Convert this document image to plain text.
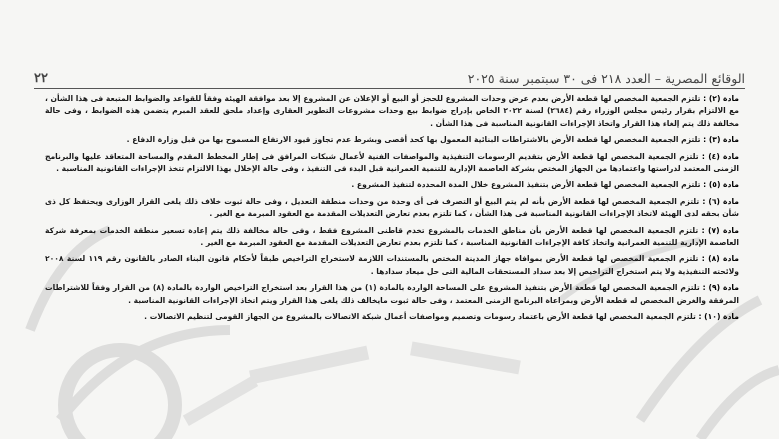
الوقائع المصرية – العدد ٢١٨ فى ٣٠ سبتمبر سنة ٢٠٢٥
٢٢

مادة (٢) : تلتزم الجمعية المخصص لها قطعة الأرض بعدم عرض وحدات المشروع للحجز أو البيع أو الإعلان عن المشروع إلا بعد موافقة الهيئة وفقاً للقواعد والضوابط المتبعة فى هذا الشأن ، مع الالتزام بقرار رئيس مجلس الوزراء رقم (٢٦٨٤) لسنة ٢٠٢٢ الخاص بإدراج ضوابط بيع وحدات مشروعات التطوير العقارى وإعداد ملحق للعقد المبرم يتضمن هذه الضوابط ، وفى حالة مخالفة ذلك يتم إلغاء هذا القرار واتخاذ الإجراءات القانونية المناسبة فى هذا الشأن .

مادة (٣) : تلتزم الجمعية المخصص لها قطعة الأرض بالاشتراطات البنائية المعمول بها كحد أقصى وبشرط عدم تجاوز قيود الارتفاع المسموح بها من قبل وزارة الدفاع .

مادة (٤) : تلتزم الجمعية المخصص لها قطعة الأرض بتقديم الرسومات التنفيذية والمواصفات الفنية لأعمال شبكات المرافق فى إطار المخطط المقدم والمساحة المتعاقد عليها والبرنامج الزمنى المعتمد لدراستها واعتمادها من الجهاز المختص بشركة العاصمة الإدارية للتنمية العمرانية قبل البدء فى التنفيذ ، وفى حالة الإخلال بهذا الالتزام تتخذ الإجراءات القانونية المناسبة .

مادة (٥) : تلتزم الجمعية المخصص لها قطعة الأرض بتنفيذ المشروع خلال المدة المحددة لتنفيذ المشروع .

مادة (٦) : تلتزم الجمعية المخصص لها قطعة الأرض بأنه لم يتم البيع أو التصرف فى أى وحدة من وحدات منطقة التعديل ، وفى حالة ثبوت خلاف ذلك يلغى القرار الوزارى ويحتفظ كل ذى شأن بحقه لدى الهيئة لاتخاذ الإجراءات القانونية المناسبة فى هذا الشأن ، كما تلتزم بعدم تعارض التعديلات المقدمة مع العقود المبرمة مع الغير .

مادة (٧) : تلتزم الجمعية المخصص لها قطعة الأرض بأن مناطق الخدمات بالمشروع تخدم قاطنى المشروع فقط ، وفى حالة مخالفة ذلك يتم إعادة تسعير منطقة الخدمات بمعرفة شركة العاصمة الإدارية للتنمية العمرانية واتخاذ كافة الإجراءات القانونية المناسبة ، كما تلتزم بعدم تعارض التعديلات المقدمة مع العقود المبرمة مع الغير .

مادة (٨) : تلتزم الجمعية المخصص لها قطعة الأرض بموافاة جهاز المدينة المختص بالمستندات اللازمة لاستخراج التراخيص طبقاً لأحكام قانون البناء الصادر بالقانون رقم ١١٩ لسنة ٢٠٠٨ ولائحته التنفيذية ولا يتم استخراج التراخيص إلا بعد سداد المستحقات المالية التى حل ميعاد سدادها .

مادة (٩) : تلتزم الجمعية المخصص لها قطعة الأرض بتنفيذ المشروع على المساحة الواردة بالمادة (١) من هذا القرار بعد استخراج التراخيص الواردة بالمادة (٨) من القرار وفقاً للاشتراطات المرفقة والغرض المخصص له قطعة الأرض وبمراعاة البرنامج الزمنى المعتمد ، وفى حالة ثبوت مايخالف ذلك يلغى هذا القرار ويتم اتخاذ الإجراءات القانونية المناسبة .

مادة (١٠) : تلتزم الجمعية المخصص لها قطعة الأرض باعتماد رسومات وتصميم ومواصفات أعمال شبكة الاتصالات بالمشروع من الجهاز القومى لتنظيم الاتصالات .
